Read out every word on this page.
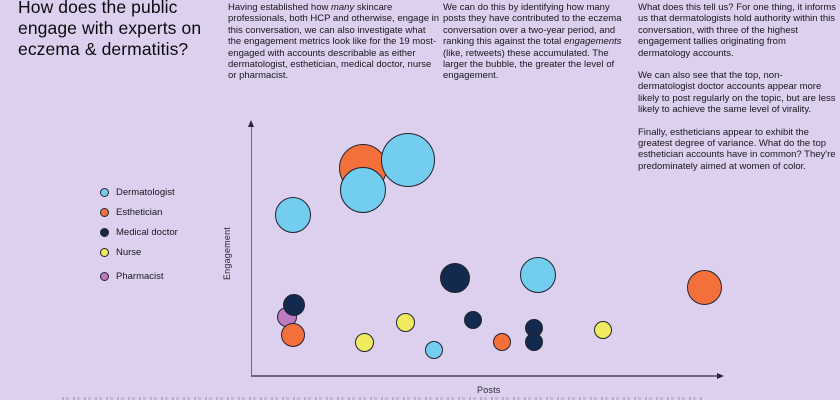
How does the public engage with experts on eczema & dermatitis?

Having established how many skincare professionals, both HCP and otherwise, engage in this conversation, we can also investigate what the engagement metrics look like for the 19 most-engaged with accounts describable as either dermatologist, esthetician, medical doctor, nurse or pharmacist.

We can do this by identifying how many posts they have contributed to the eczema conversation over a two-year period, and ranking this against the total engagements (like, retweets) these accumulated. The larger the bubble, the greater the level of engagement.

What does this tell us? For one thing, it informs us that dermatologists hold authority within this conversation, with three of the highest engagement tallies originating from dermatology accounts.

We can also see that the top, non-dermatologist doctor accounts appear more likely to post regularly on the topic, but are less likely to achieve the same level of virality.

Finally, estheticians appear to exhibit the greatest degree of variance. What do the top esthetician accounts have in common? They're predominately aimed at women of color.

Dermatologist
Esthetician
Medical doctor
Nurse
Pharmacist	Engagement
Posts
